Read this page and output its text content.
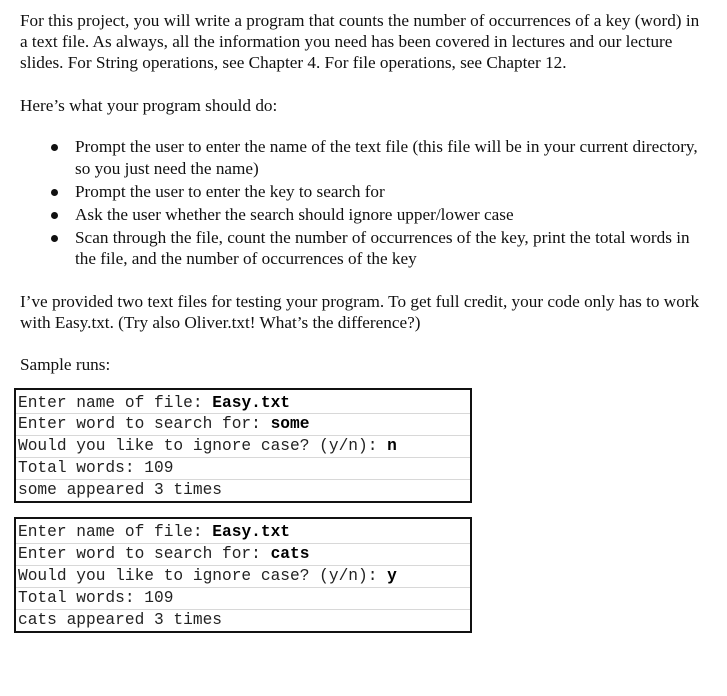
For this project, you will write a program that counts the number of occurrences of a key (word) in a text file. As always, all the information you need has been covered in lectures and our lecture slides. For String operations, see Chapter 4. For file operations, see Chapter 12.

Here’s what your program should do:

Prompt the user to enter the name of the text file (this file will be in your current directory, so you just need the name)
Prompt the user to enter the key to search for
Ask the user whether the search should ignore upper/lower case
Scan through the file, count the number of occurrences of the key, print the total words in the file, and the number of occurrences of the key

I’ve provided two text files for testing your program. To get full credit, your code only has to work with Easy.txt. (Try also Oliver.txt! What’s the difference?)

Sample runs:

Enter name of file: Easy.txt
Enter word to search for: some
Would you like to ignore case? (y/n): n
Total words: 109
some appeared 3 times
Enter name of file: Easy.txt
Enter word to search for: cats
Would you like to ignore case? (y/n): y
Total words: 109
cats appeared 3 times
